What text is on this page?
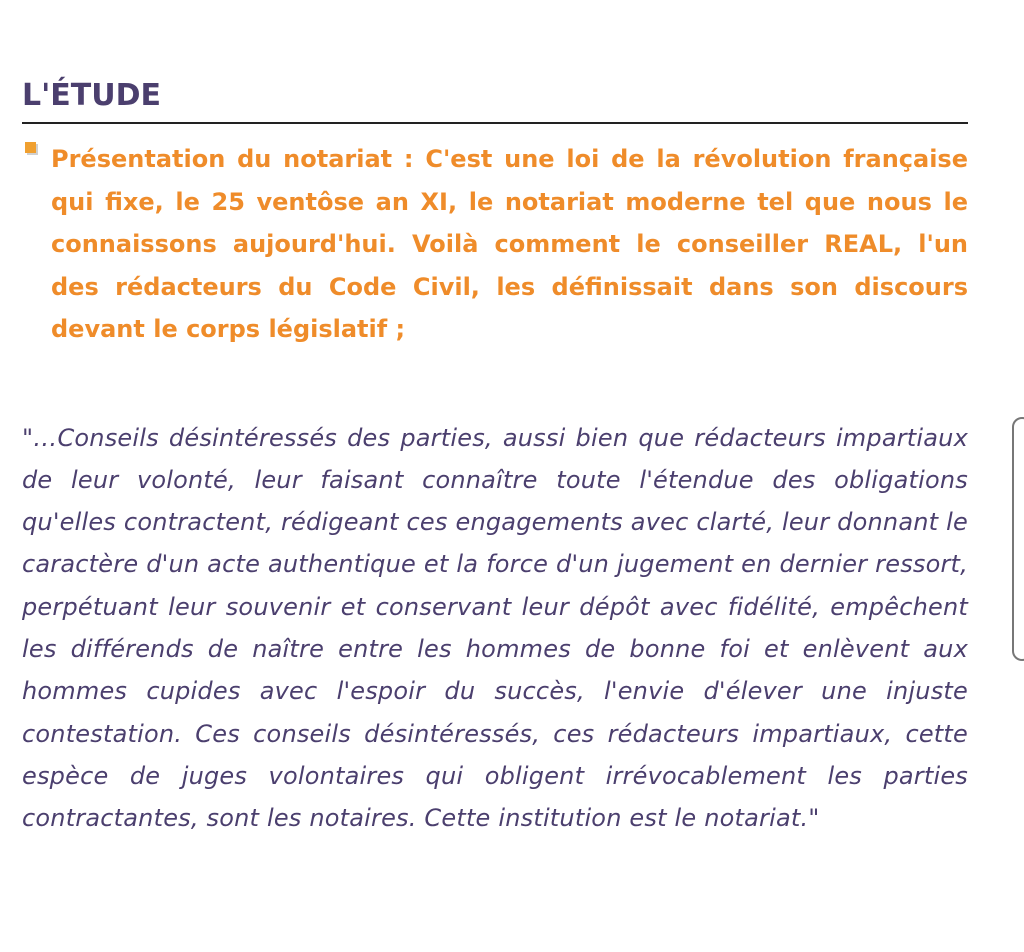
L'ÉTUDE

Présentation du notariat : C'est une loi de la révolution française qui fixe, le 25 ventôse an XI, le notariat moderne tel que nous le connaissons aujourd'hui. Voilà comment le conseiller REAL, l'un des rédacteurs du Code Civil, les définissait dans son discours devant le corps législatif ;

"…Conseils désintéressés des parties, aussi bien que rédacteurs impartiaux de leur volonté, leur faisant connaître toute l'étendue des obligations qu'elles contractent, rédigeant ces engagements avec clarté, leur donnant le caractère d'un acte authentique et la force d'un jugement en dernier ressort, perpétuant leur souvenir et conservant leur dépôt avec fidélité, empêchent les différends de naître entre les hommes de bonne foi et enlèvent aux hommes cupides avec l'espoir du succès, l'envie d'élever une injuste contestation. Ces conseils désintéressés, ces rédacteurs impartiaux, cette espèce de juges volontaires qui obligent irrévocablement les parties contractantes, sont les notaires. Cette institution est le notariat."
